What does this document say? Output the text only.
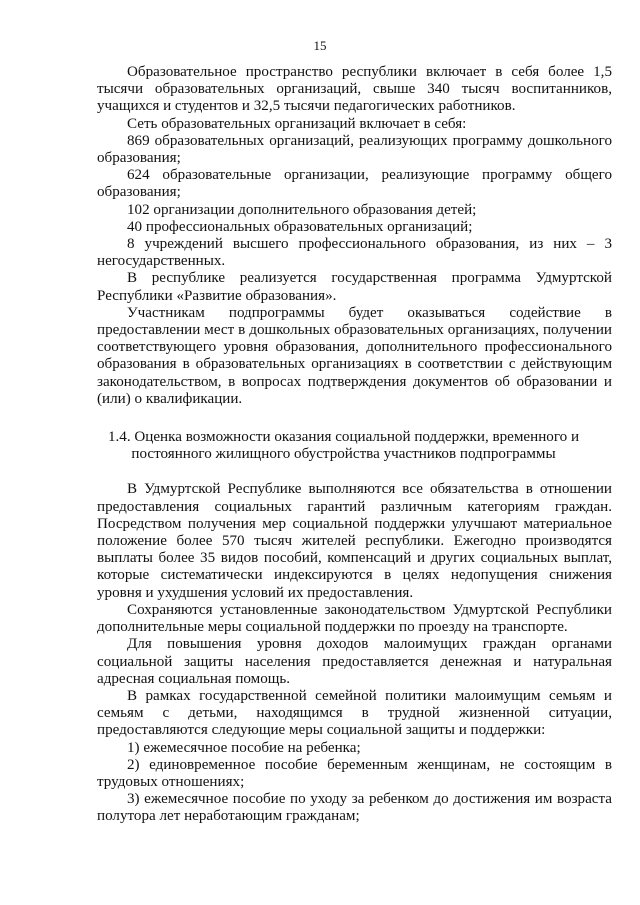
15

Образовательное пространство республики включает в себя более 1,5 тысячи образовательных организаций, свыше 340 тысяч воспитанников, учащихся и студентов и 32,5 тысячи педагогических работников.

Сеть образовательных организаций включает в себя:

869 образовательных организаций, реализующих программу дошкольного образования;

624 образовательные организации, реализующие программу общего образования;

102 организации дополнительного образования детей;

40 профессиональных образовательных организаций;

8 учреждений высшего профессионального образования, из них – 3 негосударственных.

В республике реализуется государственная программа Удмуртской Республики «Развитие образования».

Участникам подпрограммы будет оказываться содействие в предоставлении мест в дошкольных образовательных организациях, получении соответствующего уровня образования, дополнительного профессионального образования в образовательных организациях в соответствии с действующим законодательством, в вопросах подтверждения документов об образовании и (или) о квалификации.

1.4. Оценка возможности оказания социальной поддержки, временного и
постоянного жилищного обустройства участников подпрограммы

В Удмуртской Республике выполняются все обязательства в отношении предоставления социальных гарантий различным категориям граждан. Посредством получения мер социальной поддержки улучшают материальное положение более 570 тысяч жителей республики. Ежегодно производятся выплаты более 35 видов пособий, компенсаций и других социальных выплат, которые систематически индексируются в целях недопущения снижения уровня и ухудшения условий их предоставления.

Сохраняются установленные законодательством Удмуртской Республики дополнительные меры социальной поддержки по проезду на транспорте.

Для повышения уровня доходов малоимущих граждан органами социальной защиты населения предоставляется денежная и натуральная адресная социальная помощь.

В рамках государственной семейной политики малоимущим семьям и семьям с детьми, находящимся в трудной жизненной ситуации, предоставляются следующие меры социальной защиты и поддержки:

1) ежемесячное пособие на ребенка;

2) единовременное пособие беременным женщинам, не состоящим в трудовых отношениях;

3) ежемесячное пособие по уходу за ребенком до достижения им возраста полутора лет неработающим гражданам;
